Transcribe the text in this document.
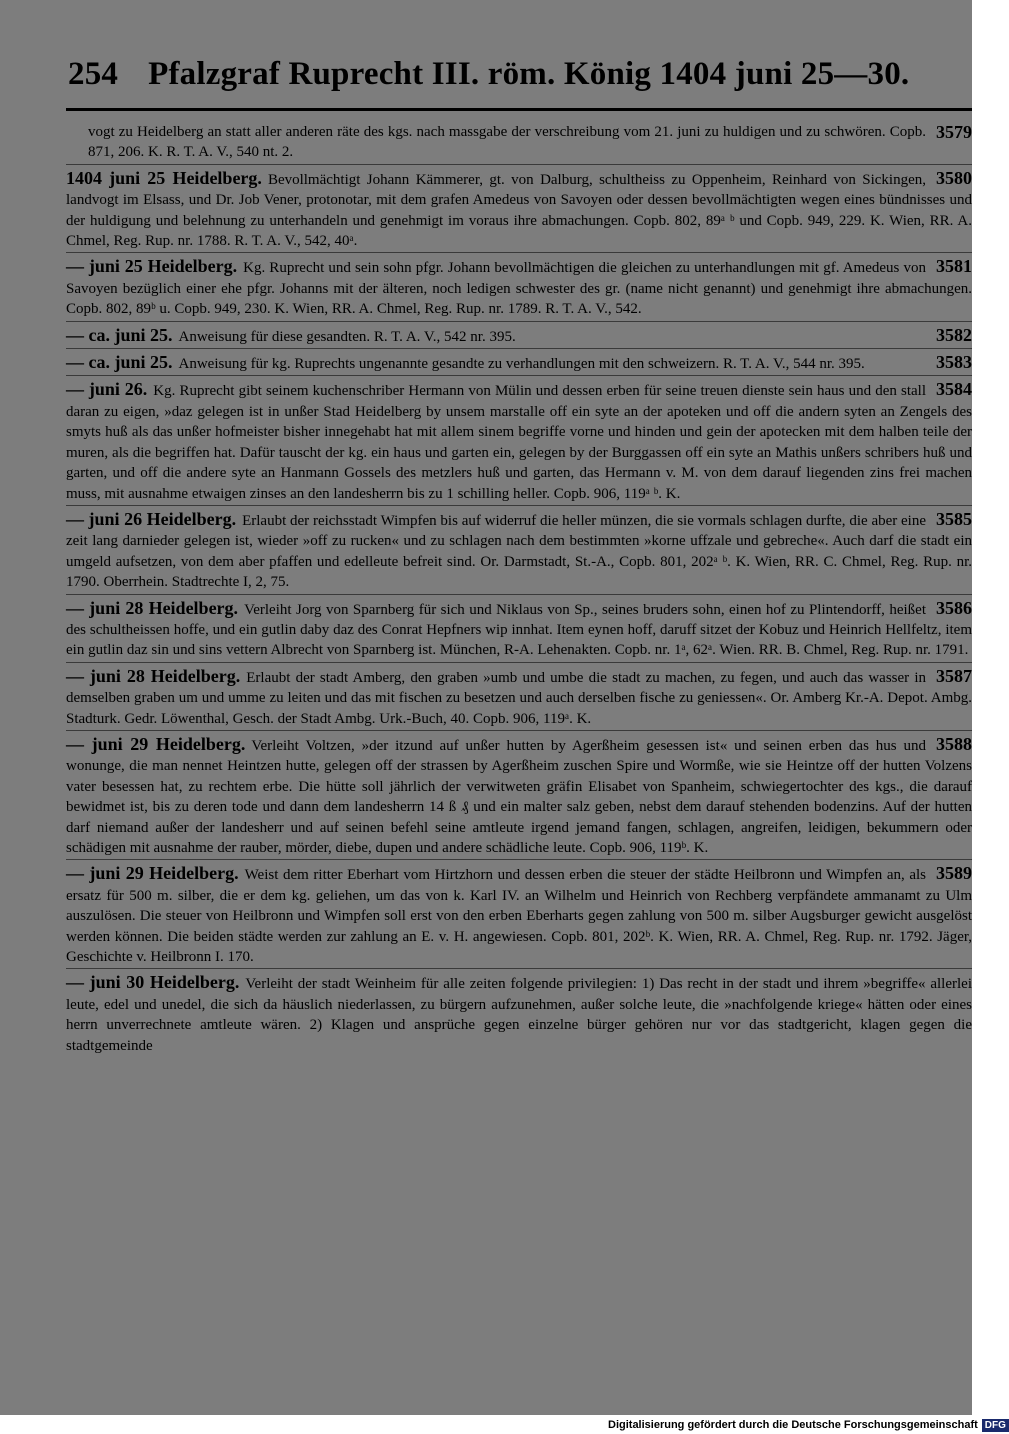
254 Pfalzgraf Ruprecht III. röm. König 1404 juni 25—30.
3579
vogt zu Heidelberg an statt aller anderen räte des kgs. nach massgabe der verschreibung vom 21. juni zu huldigen und zu schwören. Copb. 871, 206. K. R. T. A. V., 540 nt. 2.
3580
1404 juni 25 Heidelberg. Bevollmächtigt Johann Kämmerer, gt. von Dalburg, schultheiss zu Oppenheim, Reinhard von Sickingen, landvogt im Elsass, und Dr. Job Vener, protonotar, mit dem grafen Amedeus von Savoyen oder dessen bevollmächtigten wegen eines bündnisses und der huldigung und belehnung zu unterhandeln und genehmigt im voraus ihre abmachungen. Copb. 802, 89ᵃ ᵇ und Copb. 949, 229. K. Wien, RR. A. Chmel, Reg. Rup. nr. 1788. R. T. A. V., 542, 40ᵃ.
3581
— juni 25 Heidelberg. Kg. Ruprecht und sein sohn pfgr. Johann bevollmächtigen die gleichen zu unterhandlungen mit gf. Amedeus von Savoyen bezüglich einer ehe pfgr. Johanns mit der älteren, noch ledigen schwester des gr. (name nicht genannt) und genehmigt ihre abmachungen. Copb. 802, 89ᵇ u. Copb. 949, 230. K. Wien, RR. A. Chmel, Reg. Rup. nr. 1789. R. T. A. V., 542.
3582
— ca. juni 25. Anweisung für diese gesandten. R. T. A. V., 542 nr. 395.
3583
— ca. juni 25. Anweisung für kg. Ruprechts ungenannte gesandte zu verhandlungen mit den schweizern. R. T. A. V., 544 nr. 395.
3584
— juni 26. Kg. Ruprecht gibt seinem kuchenschriber Hermann von Mülin und dessen erben für seine treuen dienste sein haus und den stall daran zu eigen, »daz gelegen ist in unßer Stad Heidelberg by unsem marstalle off ein syte an der apoteken und off die andern syten an Zengels des smyts huß als das unßer hofmeister bisher innegehabt hat mit allem sinem begriffe vorne und hinden und gein der apotecken mit dem halben teile der muren, als die begriffen hat. Dafür tauscht der kg. ein haus und garten ein, gelegen by der Burggassen off ein syte an Mathis unßers schribers huß und garten, und off die andere syte an Hanmann Gossels des metzlers huß und garten, das Hermann v. M. von dem darauf liegenden zins frei machen muss, mit ausnahme etwaigen zinses an den landesherrn bis zu 1 schilling heller. Copb. 906, 119ᵃ ᵇ. K.
3585
— juni 26 Heidelberg. Erlaubt der reichsstadt Wimpfen bis auf widerruf die heller münzen, die sie vormals schlagen durfte, die aber eine zeit lang darnieder gelegen ist, wieder »off zu rucken« und zu schlagen nach dem bestimmten »korne uffzale und gebreche«. Auch darf die stadt ein umgeld aufsetzen, von dem aber pfaffen und edelleute befreit sind. Or. Darmstadt, St.-A., Copb. 801, 202ᵃ ᵇ. K. Wien, RR. C. Chmel, Reg. Rup. nr. 1790. Oberrhein. Stadtrechte I, 2, 75.
3586
— juni 28 Heidelberg. Verleiht Jorg von Sparnberg für sich und Niklaus von Sp., seines bruders sohn, einen hof zu Plintendorff, heißet des schultheissen hoffe, und ein gutlin daby daz des Conrat Hepfners wip innhat. Item eynen hoff, daruff sitzet der Kobuz und Heinrich Hellfeltz, item ein gutlin daz sin und sins vettern Albrecht von Sparnberg ist. München, R-A. Lehenakten. Copb. nr. 1ᵃ, 62ᵃ. Wien. RR. B. Chmel, Reg. Rup. nr. 1791.
3587
— juni 28 Heidelberg. Erlaubt der stadt Amberg, den graben »umb und umbe die stadt zu machen, zu fegen, und auch das wasser in demselben graben um und umme zu leiten und das mit fischen zu besetzen und auch derselben fische zu geniessen«. Or. Amberg Kr.-A. Depot. Ambg. Stadturk. Gedr. Löwenthal, Gesch. der Stadt Ambg. Urk.-Buch, 40. Copb. 906, 119ᵃ. K.
3588
— juni 29 Heidelberg. Verleiht Voltzen, »der itzund auf unßer hutten by Agerßheim gesessen ist« und seinen erben das hus und wonunge, die man nennet Heintzen hutte, gelegen off der strassen by Agerßheim zuschen Spire und Wormße, wie sie Heintze off der hutten Volzens vater besessen hat, zu rechtem erbe. Die hütte soll jährlich der verwitweten gräfin Elisabet von Spanheim, schwiegertochter des kgs., die darauf bewidmet ist, bis zu deren tode und dann dem landesherrn 14 ß ₰ und ein malter salz geben, nebst dem darauf stehenden bodenzins. Auf der hutten darf niemand außer der landesherr und auf seinen befehl seine amtleute irgend jemand fangen, schlagen, angreifen, leidigen, bekummern oder schädigen mit ausnahme der rauber, mörder, diebe, dupen und andere schädliche leute. Copb. 906, 119ᵇ. K.
3589
— juni 29 Heidelberg. Weist dem ritter Eberhart vom Hirtzhorn und dessen erben die steuer der städte Heilbronn und Wimpfen an, als ersatz für 500 m. silber, die er dem kg. geliehen, um das von k. Karl IV. an Wilhelm und Heinrich von Rechberg verpfändete ammanamt zu Ulm auszulösen. Die steuer von Heilbronn und Wimpfen soll erst von den erben Eberharts gegen zahlung von 500 m. silber Augsburger gewicht ausgelöst werden können. Die beiden städte werden zur zahlung an E. v. H. angewiesen. Copb. 801, 202ᵇ. K. Wien, RR. A. Chmel, Reg. Rup. nr. 1792. Jäger, Geschichte v. Heilbronn I. 170.
— juni 30 Heidelberg. Verleiht der stadt Weinheim für alle zeiten folgende privilegien: 1) Das recht in der stadt und ihrem »begriffe« allerlei leute, edel und unedel, die sich da häuslich niederlassen, zu bürgern aufzunehmen, außer solche leute, die »nachfolgende kriege« hätten oder eines herrn unverrechnete amtleute wären. 2) Klagen und ansprüche gegen einzelne bürger gehören nur vor das stadtgericht, klagen gegen die stadtgemeinde
Digitalisierung gefördert durch die Deutsche Forschungsgemeinschaft DFG
